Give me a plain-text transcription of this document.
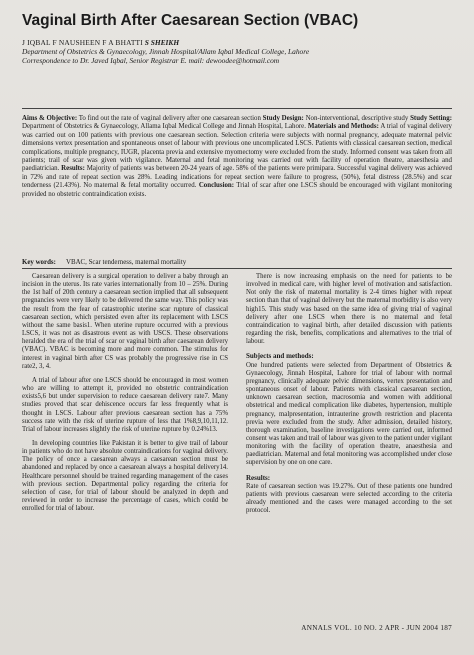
Vaginal Birth After Caesarean Section (VBAC)
J IQBAL F NAUSHEEN F A BHATTI S SHEIKH
Department of Obstetrics & Gynaecology, Jinnah Hospital/Allam Iqbal Medical College, Lahore
Correspondence to Dr. Javed Iqbal, Senior Registrar E. mail: dewoodee@hotmail.com
Aims & Objective: To find out the rate of vaginal delivery after one caesarean section Study Design: Non-interventional, descriptive study Study Setting: Department of Obstetrics & Gynaecology, Allama Iqbal Medical College and Jinnah Hospital, Lahore. Materials and Methods: A trial of vaginal delivery was carried out on 100 patients with previous one caesarean section. Selection criteria were subjects with normal pregnancy, adequate maternal pelvic dimensions vertex presentation and spontaneous onset of labour with previous one uncomplicated LSCS. Patients with classical caesarean section, medical complications, multiple pregnancy, IUGR, placenta previa and extensive myomectomy were excluded from the study. Informed consent was taken from all patients; trail of scar was given with vigilance. Maternal and fetal monitoring was carried out with facility of operation theatre, anaesthesia and paediatrician. Results: Majority of patients was between 20-24 years of age. 58% of the patients were primipara. Successful vaginal delivery was achieved in 72% and rate of repeat section was 28%. Leading indications for repeat section were failure to progress, (50%), fetal distress (28.5%) and scar tenderness (21.43%). No maternal & fetal mortality occurred. Conclusion: Trial of scar after one LSCS should be encouraged with vigilant monitoring provided no obstetric contraindication exists.
Key words: VBAC, Scar tenderness, maternal mortality

Caesarean delivery is a surgical operation to deliver a baby through an incision in the uterus. Its rate varies internationally from 10 – 25%. During the 1st half of 20th century a caesarean section implied that all subsequent pregnancies were very likely to be delivered the same way. This policy was the result from the fear of catastrophic uterine scar rupture of classical caesarean section, which persisted even after its replacement with LSCS without the same basis1. When uterine rupture occurred with a previous LSCS, it was not as disastrous event as with USCS. These observations heralded the era of the trial of scar or vaginal birth after caesarean delivery (VBAC). VBAC is becoming more and more common. The stimulus for interest in vaginal birth after CS was probably the progressive rise in CS rate2, 3, 4.

A trial of labour after one LSCS should be encouraged in most women who are willing to attempt it, provided no obstetric contraindication exists5,6 but under supervision to reduce caesarean delivery rate7. Many studies proved that scar dehiscence occurs far less frequently what is thought in LSCS. Labour after previous caesarean section has a 75% success rate with the risk of uterine rupture of less that 1%8,9,10,11,12. Trial of labour increases slightly the risk of uterine rupture by 0.24%13.

In developing countries like Pakistan it is better to give trail of labour in patients who do not have absolute contraindications for vaginal delivery. The policy of once a caesarean always a caesarean section must be abandoned and replaced by once a caesarean always a hospital delivery14. Healthcare personnel should be trained regarding management of the cases with previous section. Departmental policy regarding the criteria for selection of case, for trial of labour should be analyzed in depth and reviewed in order to increase the percentage of cases, which could be enrolled for trial of labour.

There is now increasing emphasis on the need for patients to be involved in medical care, with higher level of motivation and satisfaction. Not only the risk of maternal mortality is 2-4 times higher with repeat section than that of vaginal delivery but the maternal morbidity is also very high15. This study was based on the same idea of giving trial of vaginal delivery after one LSCS when there is no maternal and fetal contraindication to vaginal birth, after detailed discussion with patients regarding the risk, benefits, complications and alternatives to the trial of labour.

Subjects and methods:

One hundred patients were selected from Department of Obstetrics & Gynaecology, Jinnah Hospital, Lahore for trial of labour with normal pregnancy, clinically adequate pelvic dimensions, vertex presentation and spontaneous onset of labour. Patients with classical caesarean section, unknown caesarean section, macrosomia and women with additional obstetrical and medical complication like diabetes, hypertension, multiple pregnancy, malpresentation, intrauterine growth restriction and placenta previa were excluded from the study. After admission, detailed history, thorough examination, baseline investigations were carried out, informed consent was taken and trail of labour was given to the patient under vigilant monitoring with the facility of operation theatre, anaesthesia and paediatrician. Maternal and fetal monitoring was accomplished under close supervision by one on one care.

Results:

Rate of caesarean section was 19.27%. Out of these patients one hundred patients with previous caesarean were selected according to the criteria already mentioned and the cases were managed according to the set protocol.

ANNALS VOL. 10 NO. 2 APR - JUN 2004 187
